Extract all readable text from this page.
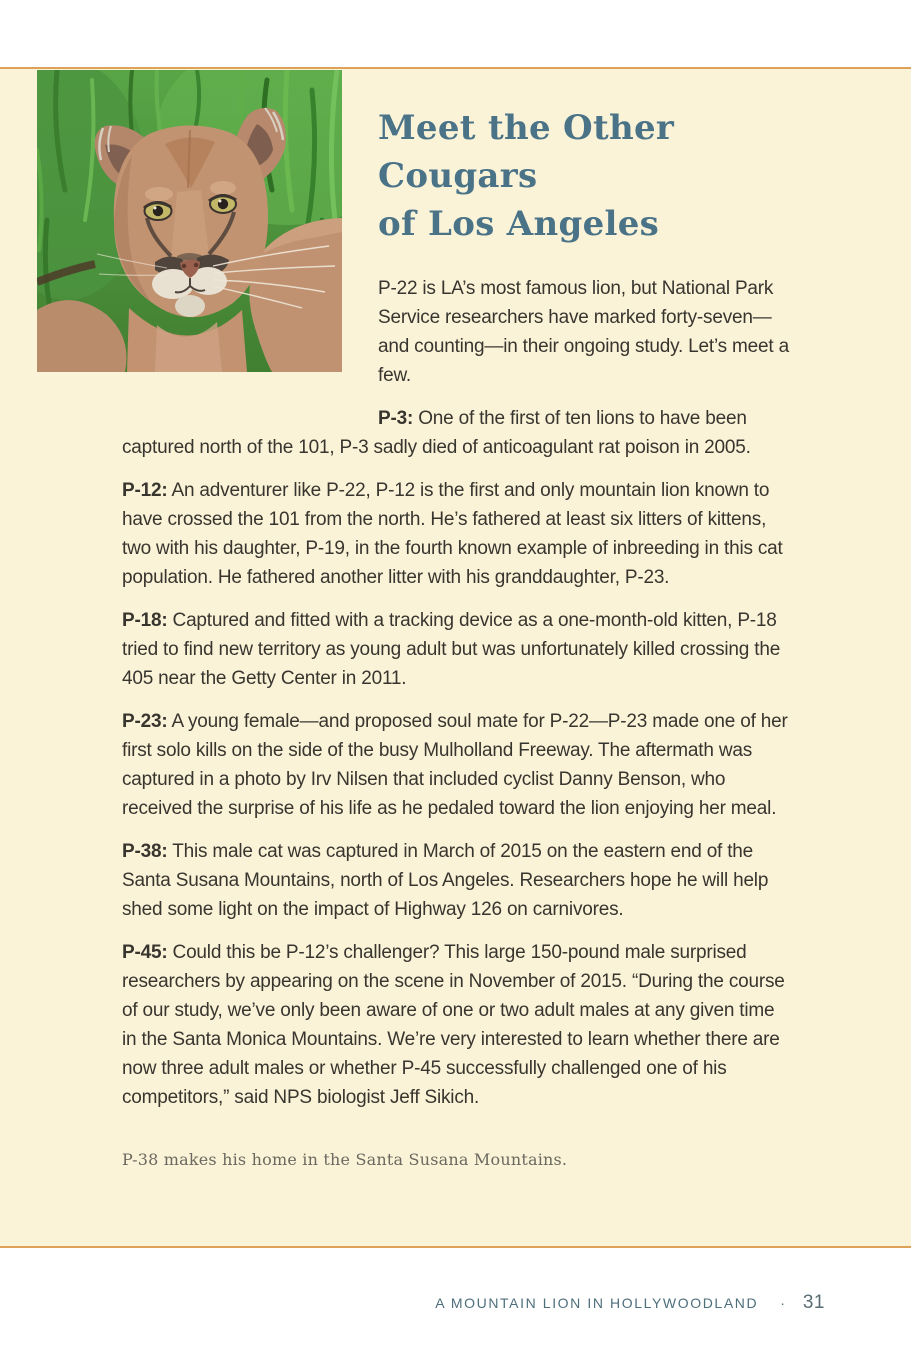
Meet the Other Cougars
of Los Angeles

P-22 is LA’s most famous lion, but National Park Service researchers have marked forty-seven—and counting—in their ongoing study. Let’s meet a few.

P-3: One of the first of ten lions to have been captured north of the 101, P-3 sadly died of anticoagulant rat poison in 2005.

P-12: An adventurer like P-22, P-12 is the first and only mountain lion known to have crossed the 101 from the north. He’s fathered at least six litters of kittens, two with his daughter, P-19, in the fourth known example of inbreeding in this cat population. He fathered another litter with his granddaughter, P-23.

P-18: Captured and fitted with a tracking device as a one-month-old kitten, P-18 tried to find new territory as young adult but was unfortunately killed crossing the 405 near the Getty Center in 2011.

P-23: A young female—and proposed soul mate for P-22—P-23 made one of her first solo kills on the side of the busy Mulholland Freeway. The aftermath was captured in a photo by Irv Nilsen that included cyclist Danny Benson, who received the surprise of his life as he pedaled toward the lion enjoying her meal.

P-38: This male cat was captured in March of 2015 on the eastern end of the Santa Susana Mountains, north of Los Angeles. Researchers hope he will help shed some light on the impact of Highway 126 on carnivores.

P-45: Could this be P-12’s challenger? This large 150-pound male surprised researchers by appearing on the scene in November of 2015. “During the course of our study, we’ve only been aware of one or two adult males at any given time in the Santa Monica Mountains. We’re very interested to learn whether there are now three adult males or whether P-45 successfully challenged one of his competitors,” said NPS biologist Jeff Sikich.

P-38 makes his home in the Santa Susana Mountains.

A MOUNTAIN LION IN HOLLYWOODLAND · 31
